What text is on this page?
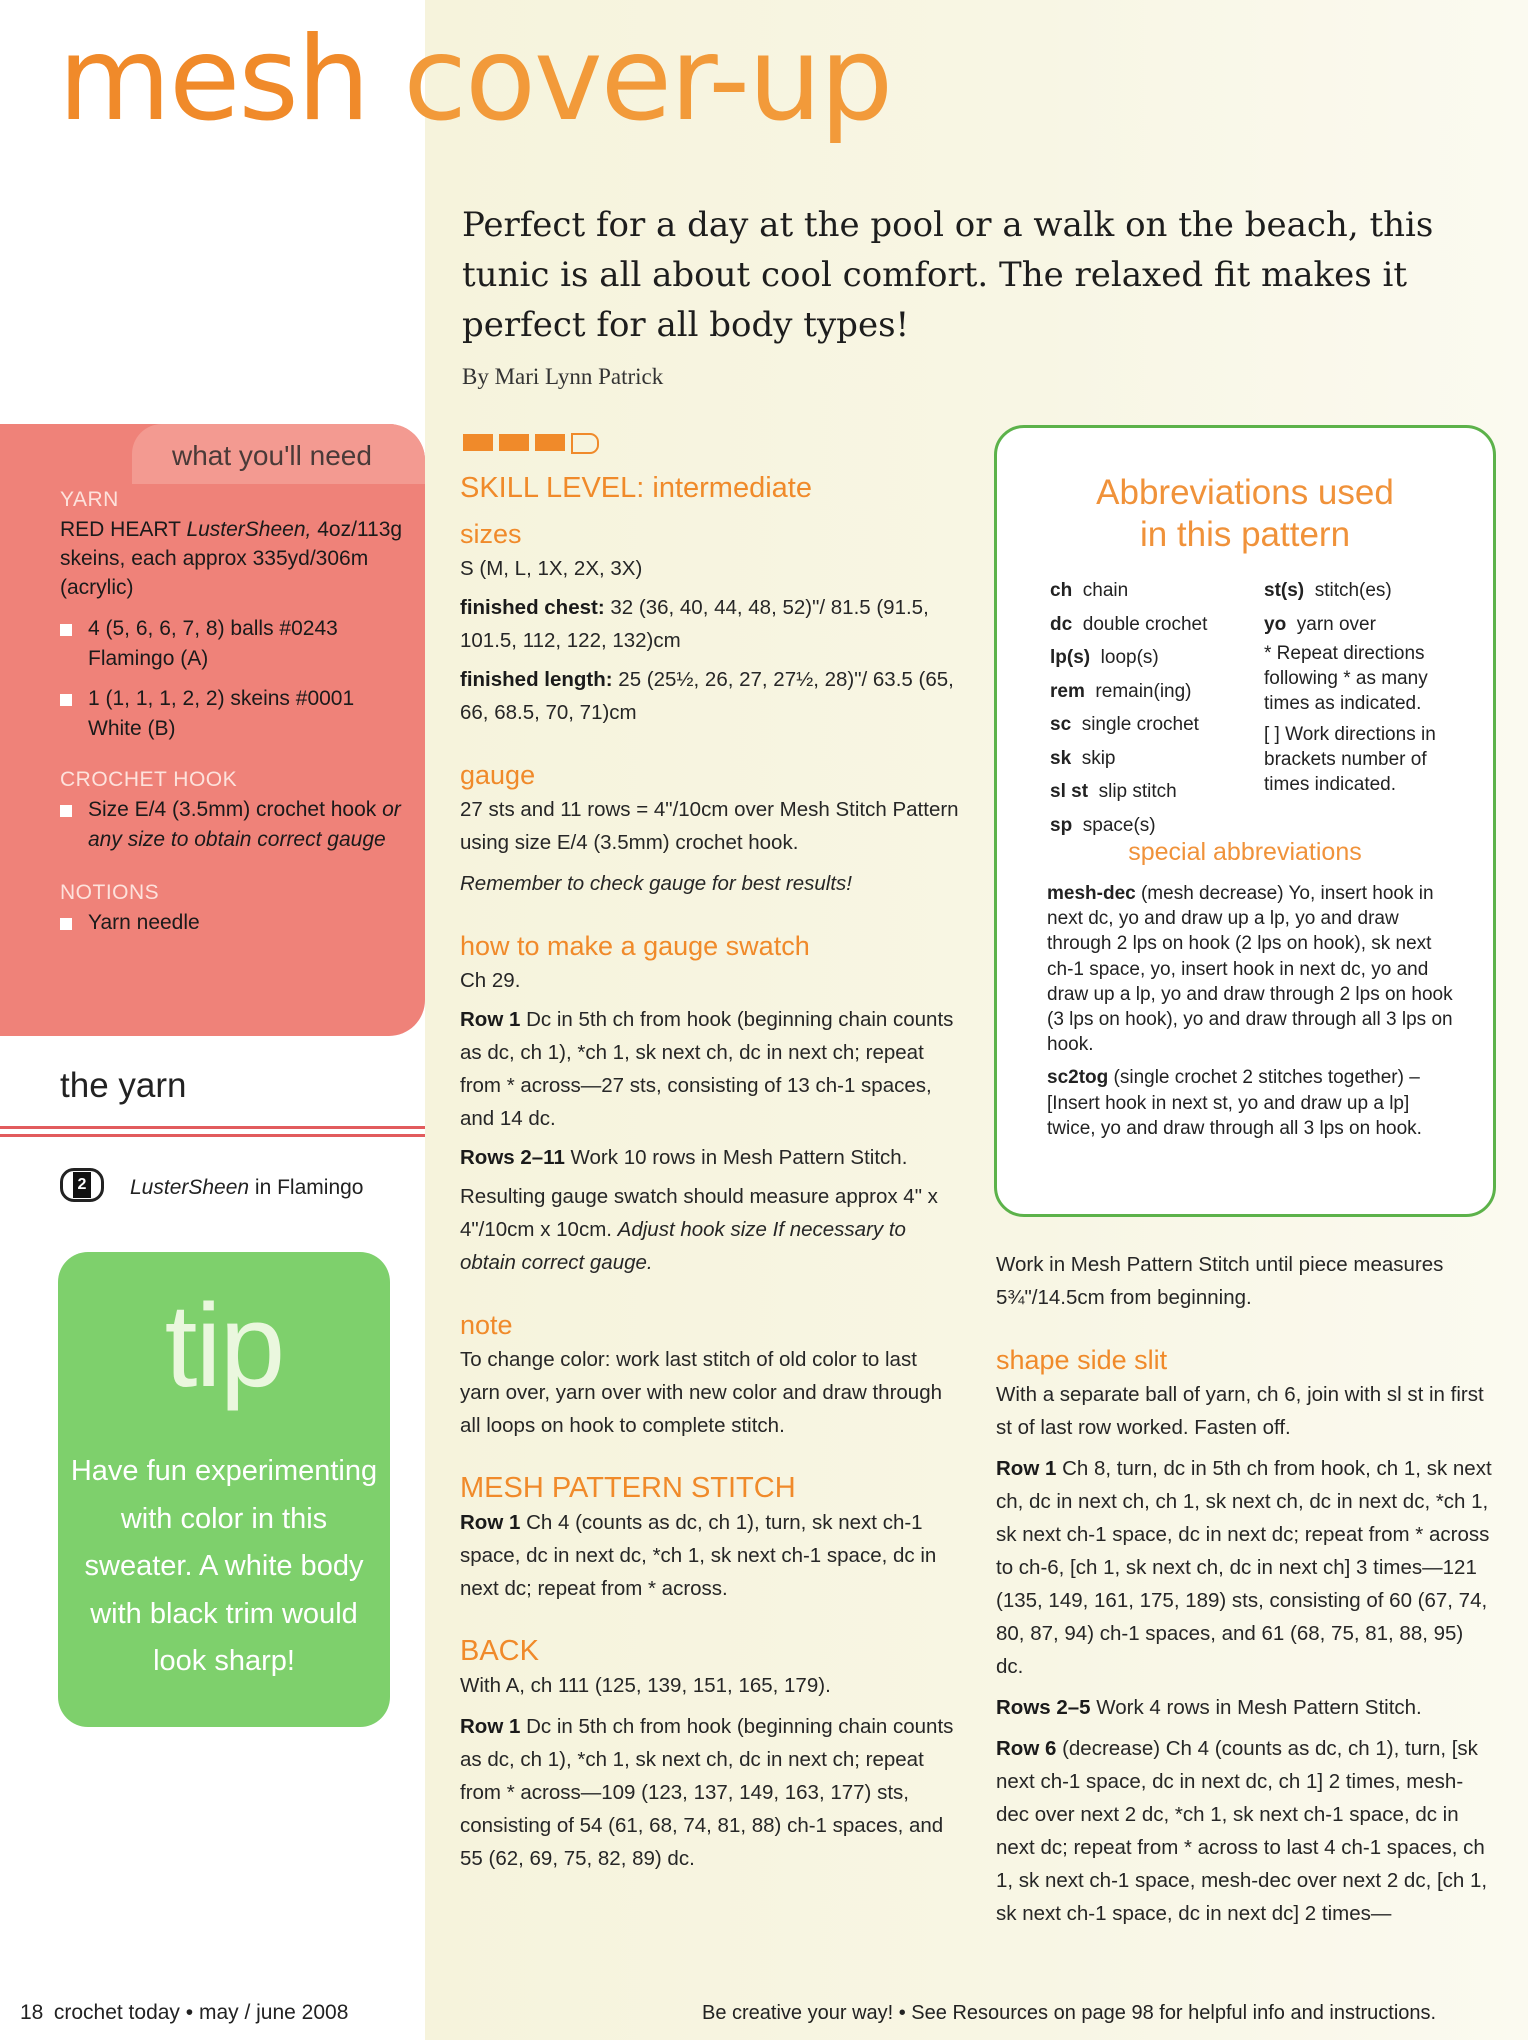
mesh cover-up

Perfect for a day at the pool or a walk on the beach, this tunic is all about cool comfort. The relaxed fit makes it perfect for all body types!

By Mari Lynn Patrick

what you'll need
YARN
RED HEART LusterSheen, 4oz/113g skeins, each approx 335yd/306m (acrylic)
4 (5, 6, 6, 7, 8) balls #0243 Flamingo (A)
1 (1, 1, 1, 2, 2) skeins #0001 White (B)
CROCHET HOOK
Size E/4 (3.5mm) crochet hook or any size to obtain correct gauge
NOTIONS
Yarn needle
the yarn
2 LusterSheen in Flamingo
tip
Have fun experimenting with color in this sweater. A white body with black trim would look sharp!

SKILL LEVEL: intermediate

sizes

S (M, L, 1X, 2X, 3X)

finished chest: 32 (36, 40, 44, 48, 52)"/ 81.5 (91.5, 101.5, 112, 122, 132)cm

finished length: 25 (25½, 26, 27, 27½, 28)"/ 63.5 (65, 66, 68.5, 70, 71)cm

gauge

27 sts and 11 rows = 4"/10cm over Mesh Stitch Pattern using size E/4 (3.5mm) crochet hook.

Remember to check gauge for best results!

how to make a gauge swatch

Ch 29.

Row 1 Dc in 5th ch from hook (beginning chain counts as dc, ch 1), *ch 1, sk next ch, dc in next ch; repeat from * across—27 sts, consisting of 13 ch-1 spaces, and 14 dc.

Rows 2–11 Work 10 rows in Mesh Pattern Stitch.

Resulting gauge swatch should measure approx 4" x 4"/10cm x 10cm. Adjust hook size If necessary to obtain correct gauge.

note

To change color: work last stitch of old color to last yarn over, yarn over with new color and draw through all loops on hook to complete stitch.

MESH PATTERN STITCH

Row 1 Ch 4 (counts as dc, ch 1), turn, sk next ch-1 space, dc in next dc, *ch 1, sk next ch-1 space, dc in next dc; repeat from * across.

BACK

With A, ch 111 (125, 139, 151, 165, 179).

Row 1 Dc in 5th ch from hook (beginning chain counts as dc, ch 1), *ch 1, sk next ch, dc in next ch; repeat from * across—109 (123, 137, 149, 163, 177) sts, consisting of 54 (61, 68, 74, 81, 88) ch-1 spaces, and 55 (62, 69, 75, 82, 89) dc.

Abbreviations used
in this pattern
ch chain
dc double crochet
lp(s) loop(s)
rem remain(ing)
sc single crochet
sk skip
sl st slip stitch
sp space(s)
st(s) stitch(es)
yo yarn over
* Repeat directions following * as many times as indicated.
[ ] Work directions in brackets number of times indicated.
special abbreviations

mesh-dec (mesh decrease) Yo, insert hook in next dc, yo and draw up a lp, yo and draw through 2 lps on hook (2 lps on hook), sk next ch-1 space, yo, insert hook in next dc, yo and draw up a lp, yo and draw through 2 lps on hook (3 lps on hook), yo and draw through all 3 lps on hook.

sc2tog (single crochet 2 stitches together) – [Insert hook in next st, yo and draw up a lp] twice, yo and draw through all 3 lps on hook.

Work in Mesh Pattern Stitch until piece measures 5¾"/14.5cm from beginning.

shape side slit

With a separate ball of yarn, ch 6, join with sl st in first st of last row worked. Fasten off.

Row 1 Ch 8, turn, dc in 5th ch from hook, ch 1, sk next ch, dc in next ch, ch 1, sk next ch, dc in next dc, *ch 1, sk next ch-1 space, dc in next dc; repeat from * across to ch-6, [ch 1, sk next ch, dc in next ch] 3 times—121 (135, 149, 161, 175, 189) sts, consisting of 60 (67, 74, 80, 87, 94) ch-1 spaces, and 61 (68, 75, 81, 88, 95) dc.

Rows 2–5 Work 4 rows in Mesh Pattern Stitch.

Row 6 (decrease) Ch 4 (counts as dc, ch 1), turn, [sk next ch-1 space, dc in next dc, ch 1] 2 times, mesh-dec over next 2 dc, *ch 1, sk next ch-1 space, dc in next dc; repeat from * across to last 4 ch-1 spaces, ch 1, sk next ch-1 space, mesh-dec over next 2 dc, [ch 1, sk next ch-1 space, dc in next dc] 2 times—

18 crochet today • may / june 2008	Be creative your way! • See Resources on page 98 for helpful info and instructions.
